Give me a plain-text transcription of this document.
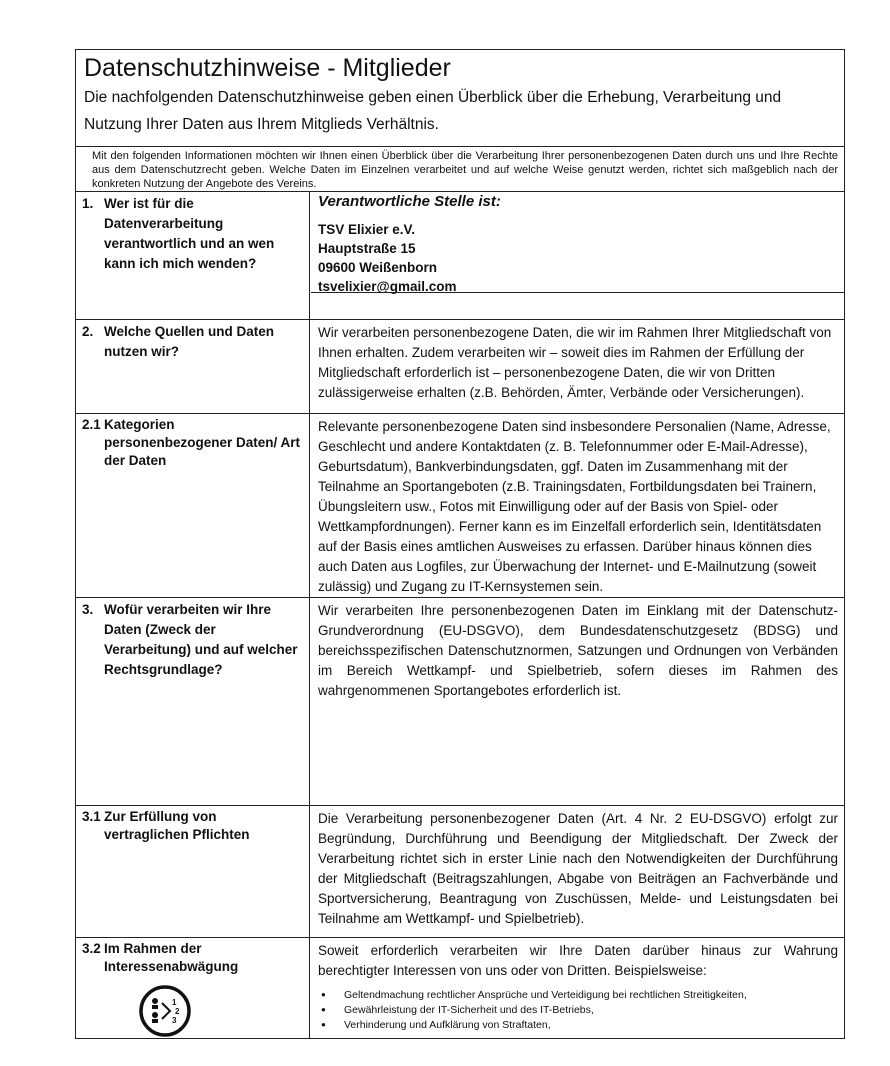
Datenschutzhinweise - Mitglieder
Die nachfolgenden Datenschutzhinweise geben einen Überblick über die Erhebung, Verarbeitung und Nutzung Ihrer Daten aus Ihrem Mitglieds Verhältnis.
Mit den folgenden Informationen möchten wir Ihnen einen Überblick über die Verarbeitung Ihrer personenbezogenen Daten durch uns und Ihre Rechte aus dem Datenschutzrecht geben. Welche Daten im Einzelnen verarbeitet und auf welche Weise genutzt werden, richtet sich maßgeblich nach der konkreten Nutzung der Angebote des Vereins.
1. Wer ist für die Datenverarbeitung verantwortlich und an wen kann ich mich wenden?
Verantwortliche Stelle ist:
TSV Elixier e.V.
Hauptstraße 15
09600 Weißenborn
tsvelixier@gmail.com
2. Welche Quellen und Daten nutzen wir?
Wir verarbeiten personenbezogene Daten, die wir im Rahmen Ihrer Mitgliedschaft von Ihnen erhalten. Zudem verarbeiten wir – soweit dies im Rahmen der Erfüllung der Mitgliedschaft erforderlich ist – personenbezogene Daten, die wir von Dritten zulässigerweise erhalten (z.B. Behörden, Ämter, Verbände oder Versicherungen).
2.1 Kategorien personenbezogener Daten/ Art der Daten
Relevante personenbezogene Daten sind insbesondere Personalien (Name, Adresse, Geschlecht und andere Kontaktdaten (z. B. Telefonnummer oder E-Mail-Adresse), Geburtsdatum), Bankverbindungsdaten, ggf. Daten im Zusammenhang mit der Teilnahme an Sportangeboten (z.B. Trainingsdaten, Fortbildungsdaten bei Trainern, Übungsleitern usw., Fotos mit Einwilligung oder auf der Basis von Spiel- oder Wettkampfordnungen). Ferner kann es im Einzelfall erforderlich sein, Identitätsdaten auf der Basis eines amtlichen Ausweises zu erfassen. Darüber hinaus können dies auch Daten aus Logfiles, zur Überwachung der Internet- und E-Mailnutzung (soweit zulässig) und Zugang zu IT-Kernsystemen sein.
3. Wofür verarbeiten wir Ihre Daten (Zweck der Verarbeitung) und auf welcher Rechtsgrundlage?
Wir verarbeiten Ihre personenbezogenen Daten im Einklang mit der Datenschutz-Grundverordnung (EU-DSGVO), dem Bundesdatenschutzgesetz (BDSG) und bereichsspezifischen Datenschutznormen, Satzungen und Ordnungen von Verbänden im Bereich Wettkampf- und Spielbetrieb, sofern dieses im Rahmen des wahrgenommenen Sportangebotes erforderlich ist.
3.1 Zur Erfüllung von vertraglichen Pflichten
Die Verarbeitung personenbezogener Daten (Art. 4 Nr. 2 EU-DSGVO) erfolgt zur Begründung, Durchführung und Beendigung der Mitgliedschaft. Der Zweck der Verarbeitung richtet sich in erster Linie nach den Notwendigkeiten der Durchführung der Mitgliedschaft (Beitragszahlungen, Abgabe von Beiträgen an Fachverbände und Sportversicherung, Beantragung von Zuschüssen, Melde- und Leistungsdaten bei Teilnahme am Wettkampf- und Spielbetrieb).
3.2 Im Rahmen der Interessenabwägung
1
2
3
Soweit erforderlich verarbeiten wir Ihre Daten darüber hinaus zur Wahrung berechtigter Interessen von uns oder von Dritten. Beispielsweise:
● Geltendmachung rechtlicher Ansprüche und Verteidigung bei rechtlichen Streitigkeiten,
● Gewährleistung der IT-Sicherheit und des IT-Betriebs,
● Verhinderung und Aufklärung von Straftaten,
